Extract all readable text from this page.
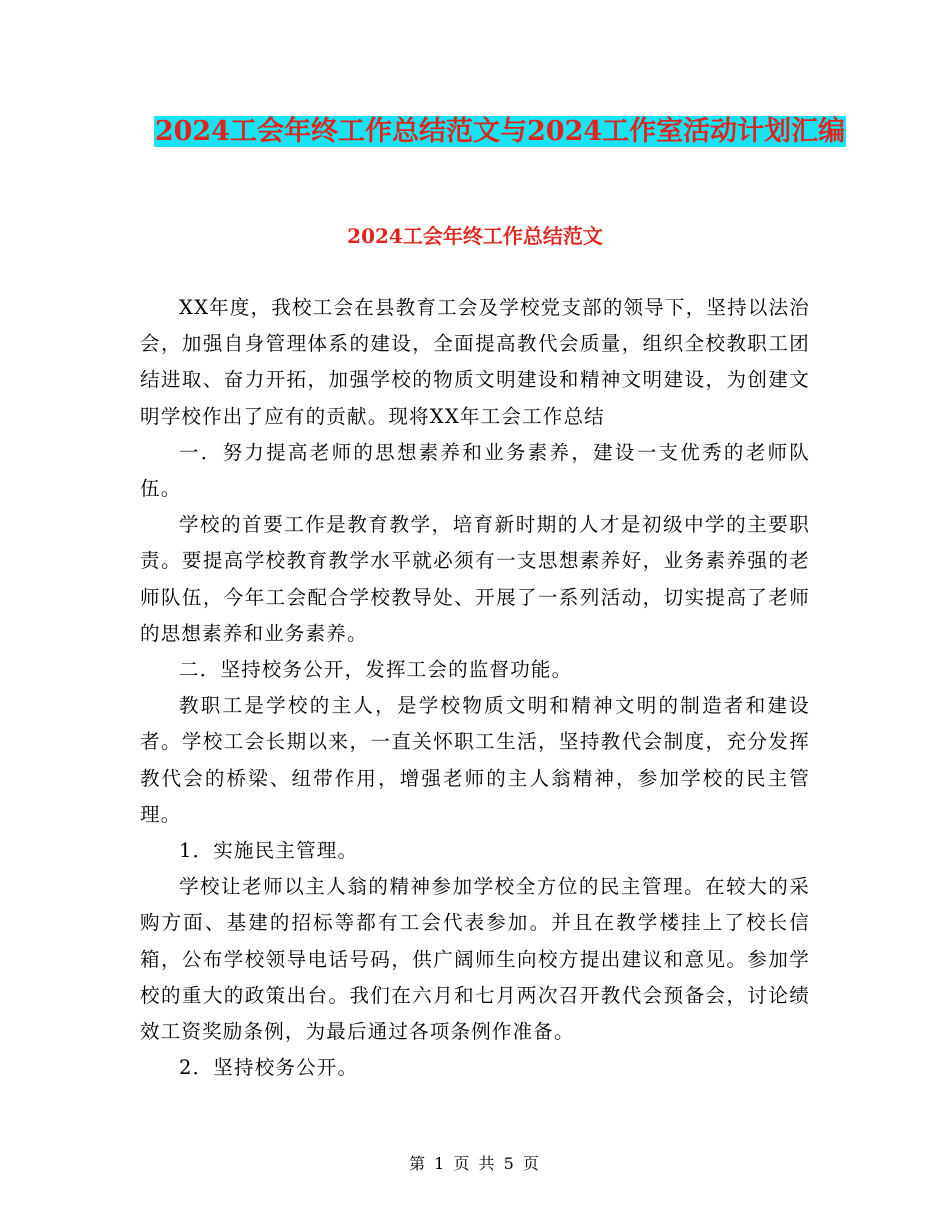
2024工会年终工作总结范文与2024工作室活动计划汇编
2024工会年终工作总结范文

XX年度，我校工会在县教育工会及学校党支部的领导下，坚持以法治会，加强自身管理体系的建设，全面提高教代会质量，组织全校教职工团结进取、奋力开拓，加强学校的物质文明建设和精神文明建设，为创建文明学校作出了应有的贡献。现将XX年工会工作总结

一．努力提高老师的思想素养和业务素养，建设一支优秀的老师队伍。

学校的首要工作是教育教学，培育新时期的人才是初级中学的主要职责。要提高学校教育教学水平就必须有一支思想素养好，业务素养强的老师队伍，今年工会配合学校教导处、开展了一系列活动，切实提高了老师的思想素养和业务素养。

二．坚持校务公开，发挥工会的监督功能。

教职工是学校的主人，是学校物质文明和精神文明的制造者和建设者。学校工会长期以来，一直关怀职工生活，坚持教代会制度，充分发挥教代会的桥梁、纽带作用，增强老师的主人翁精神，参加学校的民主管理。

1．实施民主管理。

学校让老师以主人翁的精神参加学校全方位的民主管理。在较大的采购方面、基建的招标等都有工会代表参加。并且在教学楼挂上了校长信箱，公布学校领导电话号码，供广阔师生向校方提出建议和意见。参加学校的重大的政策出台。我们在六月和七月两次召开教代会预备会，讨论绩效工资奖励条例，为最后通过各项条例作准备。

2．坚持校务公开。

第 1 页 共 5 页
